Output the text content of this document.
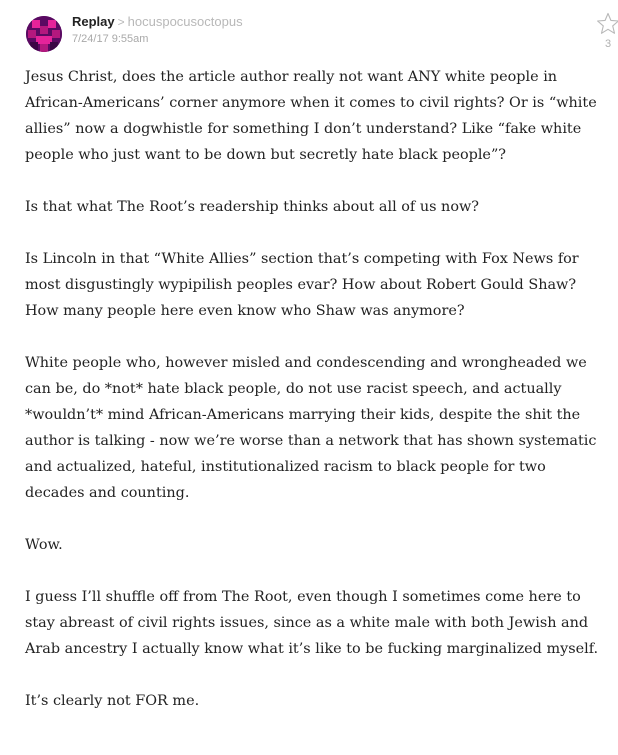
Replay > hocuspocusoctopus
7/24/17 9:55am	3

Jesus Christ, does the article author really not want ANY white people in African-Americans’ corner anymore when it comes to civil rights? Or is “white allies” now a dogwhistle for something I don’t understand? Like “fake white people who just want to be down but secretly hate black people”?

Is that what The Root’s readership thinks about all of us now?

Is Lincoln in that “White Allies” section that’s competing with Fox News for most disgustingly wypipilish peoples evar? How about Robert Gould Shaw? How many people here even know who Shaw was anymore?

White people who, however misled and condescending and wrongheaded we can be, do *not* hate black people, do not use racist speech, and actually *wouldn’t* mind African-Americans marrying their kids, despite the shit the author is talking - now we’re worse than a network that has shown systematic and actualized, hateful, institutionalized racism to black people for two decades and counting.

Wow.

I guess I’ll shuffle off from The Root, even though I sometimes come here to stay abreast of civil rights issues, since as a white male with both Jewish and Arab ancestry I actually know what it’s like to be fucking marginalized myself.

It’s clearly not FOR me.
